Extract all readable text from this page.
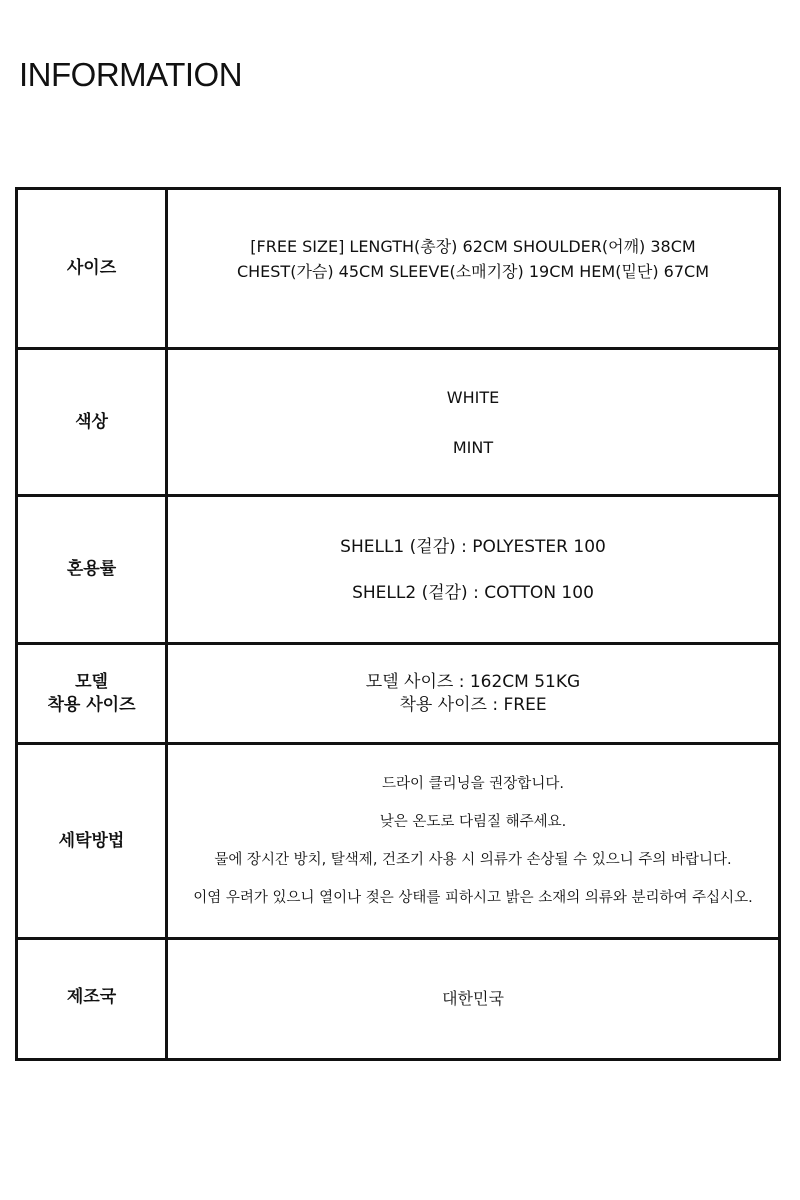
INFORMATION
사이즈
[FREE SIZE] LENGTH(총장) 62CM SHOULDER(어깨) 38CM
CHEST(가슴) 45CM SLEEVE(소매기장) 19CM HEM(밑단) 67CM
색상
WHITE
MINT
혼용률
SHELL1 (겉감) : POLYESTER 100
SHELL2 (겉감) : COTTON 100
모델
착용 사이즈
모델 사이즈 : 162CM 51KG
착용 사이즈 : FREE
세탁방법
드라이 클리닝을 권장합니다.
낮은 온도로 다림질 해주세요.
물에 장시간 방치, 탈색제, 건조기 사용 시 의류가 손상될 수 있으니 주의 바랍니다.
이염 우려가 있으니 열이나 젖은 상태를 피하시고 밝은 소재의 의류와 분리하여 주십시오.
제조국	대한민국
